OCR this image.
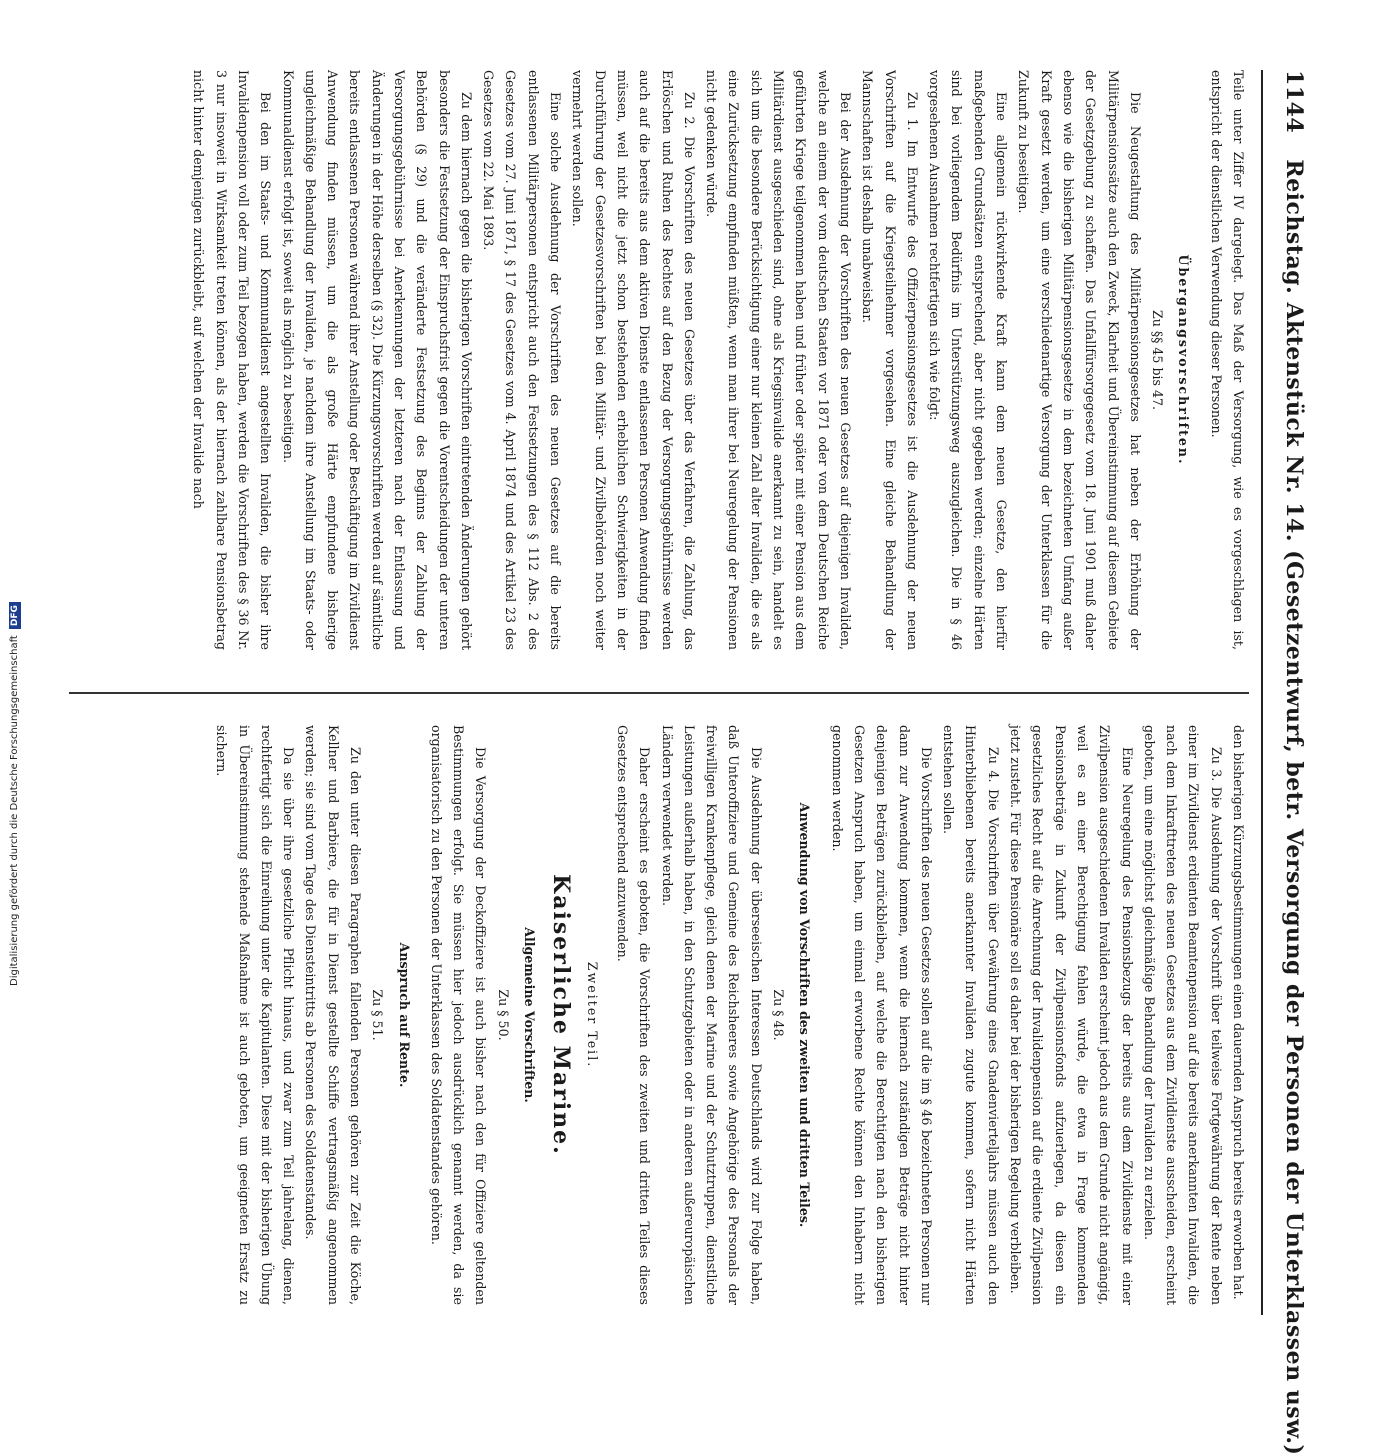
1144 Reichstag. Aktenstück Nr. 14. (Gesetzentwurf, betr. Versorgung der Personen der Unterklassen usw.)

Teile unter Ziffer IV dargelegt. Das Maß der Versorgung, wie es vorgeschlagen ist, entspricht der dienstlichen Verwendung dieser Personen.

Übergangsvorschriften.
Zu §§ 45 bis 47.

Die Neugestaltung des Militärpensionsgesetzes hat neben der Erhöhung der Militärpensionssätze auch den Zweck, Klarheit und Übereinstimmung auf diesem Gebiete der Gesetzgebung zu schaffen. Das Unfallfürsorgegesetz vom 18. Juni 1901 muß daher ebenso wie die bisherigen Militärpensionsgesetze in dem bezeichneten Umfang außer Kraft gesetzt werden, um eine verschiedenartige Versorgung der Unterklassen für die Zukunft zu beseitigen.

Eine allgemein rückwirkende Kraft kann dem neuen Gesetze, den hierfür maßgebenden Grundsätzen entsprechend, aber nicht gegeben werden; einzelne Härten sind bei vorliegendem Bedürfnis im Unterstützungsweg auszugleichen. Die in § 46 vorgesehenen Ausnahmen rechtfertigen sich wie folgt:

Zu 1. Im Entwurfe des Offizierpensionsgesetzes ist die Ausdehnung der neuen Vorschriften auf die Kriegsteilnehmer vorgesehen. Eine gleiche Behandlung der Mannschaften ist deshalb unabweisbar.

Bei der Ausdehnung der Vorschriften des neuen Gesetzes auf diejenigen Invaliden, welche an einem der vom deutschen Staaten vor 1871 oder von dem Deutschen Reiche geführten Kriege teilgenommen haben und früher oder später mit einer Pension aus dem Militärdienst ausgeschieden sind, ohne als Kriegsinvalide anerkannt zu sein, handelt es sich um die besondere Berücksichtigung einer nur kleinen Zahl alter Invaliden, die es als eine Zurücksetzung empfinden müßten, wenn man ihrer bei Neuregelung der Pensionen nicht gedenken würde.

Zu 2. Die Vorschriften des neuen Gesetzes über das Verfahren, die Zahlung, das Erlöschen und Ruhen des Rechtes auf den Bezug der Versorgungsgebührnisse werden auch auf die bereits aus dem aktiven Dienste entlassenen Personen Anwendung finden müssen, weil nicht die jetzt schon bestehenden erheblichen Schwierigkeiten in der Durchführung der Gesetzesvorschriften bei den Militär- und Zivilbehörden noch weiter vermehrt werden sollen.

Eine solche Ausdehnung der Vorschriften des neuen Gesetzes auf die bereits entlassenen Militärpersonen entspricht auch den Festsetzungen des § 112 Abs. 2 des Gesetzes vom 27. Juni 1871, § 17 des Gesetzes vom 4. April 1874 und des Artikel 23 des Gesetzes vom 22. Mai 1893.

Zu dem hiernach gegen die bisherigen Vorschriften eintretenden Änderungen gehört besonders die Festsetzung der Einspruchsfrist gegen die Vorentscheidungen der unteren Behörden (§ 29) und die veränderte Festsetzung des Beginns der Zahlung der Versorgungsgebührnisse bei Anerkennungen der letzteren nach der Entlassung und Änderungen in der Höhe derselben (§ 32). Die Kürzungsvorschriften werden auf sämtliche bereits entlassenen Personen während ihrer Anstellung oder Beschäftigung im Zivildienst Anwendung finden müssen, um die als große Härte empfundene bisherige ungleichmäßige Behandlung der Invaliden, je nachdem ihre Anstellung im Staats- oder Kommunaldienst erfolgt ist, soweit als möglich zu beseitigen.

Bei den im Staats- und Kommunaldienst angestellten Invaliden, die bisher ihre Invalidenpension voll oder zum Teil bezogen haben, werden die Vorschriften des § 36 Nr. 3 nur insoweit in Wirksamkeit treten können, als der hiernach zahlbare Pensionsbetrag nicht hinter demjenigen zurückbleibt, auf welchen der Invalide nach

den bisherigen Kürzungsbestimmungen einen dauernden Anspruch bereits erworben hat.

Zu 3. Die Ausdehnung der Vorschrift über teilweise Fortgewährung der Rente neben einer im Zivildienst erdienten Beamtenpension auf die bereits anerkannten Invaliden, die nach dem Inkrafttreten des neuen Gesetzes aus dem Zivildienste ausscheiden, erscheint geboten, um eine möglichst gleichmäßige Behandlung der Invaliden zu erzielen.

Eine Neuregelung des Pensionsbezugs der bereits aus dem Zivildienste mit einer Zivilpension ausgeschiedenen Invaliden erscheint jedoch aus dem Grunde nicht angängig, weil es an einer Berechtigung fehlen würde, die etwa in Frage kommenden Pensionsbeträge in Zukunft der Zivilpensionsfonds aufzuerlegen, da diesen ein gesetzliches Recht auf die Anrechnung der Invalidenpension auf die erdiente Zivilpension jetzt zusteht. Für diese Pensionäre soll es daher bei der bisherigen Regelung verbleiben.

Zu 4. Die Vorschriften über Gewährung eines Gnadenvierteljahrs müssen auch den Hinterbliebenen bereits anerkannter Invaliden zugute kommen, sofern nicht Härten entstehen sollen.

Die Vorschriften des neuen Gesetzes sollen auf die im § 46 bezeichneten Personen nur dann zur Anwendung kommen, wenn die hiernach zuständigen Beträge nicht hinter denjenigen Beträgen zurückbleiben, auf welche die Berechtigten nach den bisherigen Gesetzen Anspruch haben, um einmal erworbene Rechte können den Inhabern nicht genommen werden.

Anwendung von Vorschriften des zweiten und dritten Teiles.
Zu § 48.

Die Ausdehnung der überseeischen Interessen Deutschlands wird zur Folge haben, daß Unteroffiziere und Gemeine des Reichsheeres sowie Angehörige des Personals der freiwilligen Krankenpflege, gleich denen der Marine und der Schutztruppen, dienstliche Leistungen außerhalb haben, in den Schutzgebieten oder in anderen außereuropäischen Ländern verwendet werden.

Daher erscheint es geboten, die Vorschriften des zweiten und dritten Teiles dieses Gesetzes entsprechend anzuwenden.

Zweiter Teil.
Kaiserliche Marine.
Allgemeine Vorschriften.
Zu § 50.

Die Versorgung der Deckoffiziere ist auch bisher nach den für Offiziere geltenden Bestimmungen erfolgt. Sie müssen hier jedoch ausdrücklich genannt werden, da sie organisatorisch zu den Personen der Unterklassen des Soldatenstandes gehören.

Anspruch auf Rente.
Zu § 51.

Zu den unter diesen Paragraphen fallenden Personen gehören zur Zeit die Köche, Kellner und Barbiere, die für in Dienst gestellte Schiffe vertragsmäßig angenommen werden; sie sind vom Tage des Diensteintritts ab Personen des Soldatenstandes.

Da sie über ihre gesetzliche Pflicht hinaus, und zwar zum Teil jahrelang, dienen, rechtfertigt sich die Einreihung unter die Kapitulanten. Diese mit der bisherigen Übung in Übereinstimmung stehende Maßnahme ist auch geboten, um geeigneten Ersatz zu sichern.

Digitalisierung gefördert durch die Deutsche ForschungsgemeinschaftDFG
